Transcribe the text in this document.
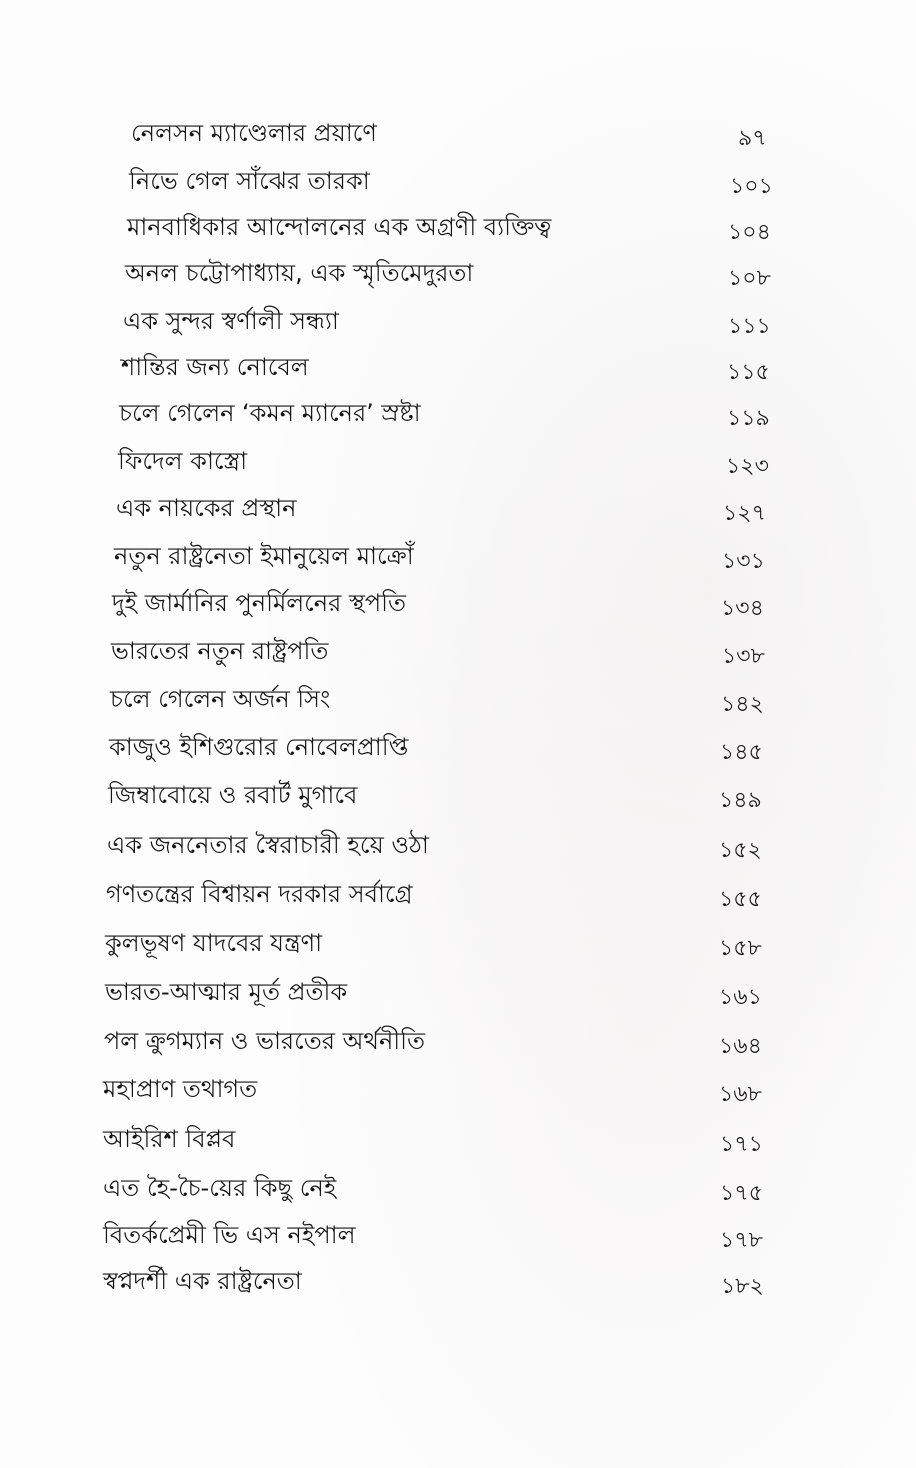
নেলসন ম্যাণ্ডেলার প্রয়াণে	৯৭
নিভে গেল সাঁঝের তারকা	১০১
মানবাধিকার আন্দোলনের এক অগ্রণী ব্যক্তিত্ব	১০৪
অনল চট্টোপাধ্যায়, এক স্মৃতিমেদুরতা	১০৮
এক সুন্দর স্বর্ণালী সন্ধ্যা	১১১
শান্তির জন্য নোবেল	১১৫
চলে গেলেন ‘কমন ম্যানের’ স্রষ্টা	১১৯
ফিদেল কাস্ত্রো	১২৩
এক নায়কের প্রস্থান	১২৭
নতুন রাষ্ট্রনেতা ইমানুয়েল মাক্রোঁ	১৩১
দুই জার্মানির পুনর্মিলনের স্থপতি	১৩৪
ভারতের নতুন রাষ্ট্রপতি	১৩৮
চলে গেলেন অর্জন সিং	১৪২
কাজুও ইশিগুরোর নোবেলপ্রাপ্তি	১৪৫
জিম্বাবোয়ে ও রবার্ট মুগাবে	১৪৯
এক জননেতার স্বৈরাচারী হয়ে ওঠা	১৫২
গণতন্ত্রের বিশ্বায়ন দরকার সর্বাগ্রে	১৫৫
কুলভূষণ যাদবের যন্ত্রণা	১৫৮
ভারত-আত্মার মূর্ত প্রতীক	১৬১
পল ক্রুগম্যান ও ভারতের অর্থনীতি	১৬৪
মহাপ্রাণ তথাগত	১৬৮
আইরিশ বিপ্লব	১৭১
এত হৈ-চৈ-য়ের কিছু নেই	১৭৫
বিতর্কপ্রেমী ভি এস নইপাল	১৭৮
স্বপ্নদর্শী এক রাষ্ট্রনেতা	১৮২
